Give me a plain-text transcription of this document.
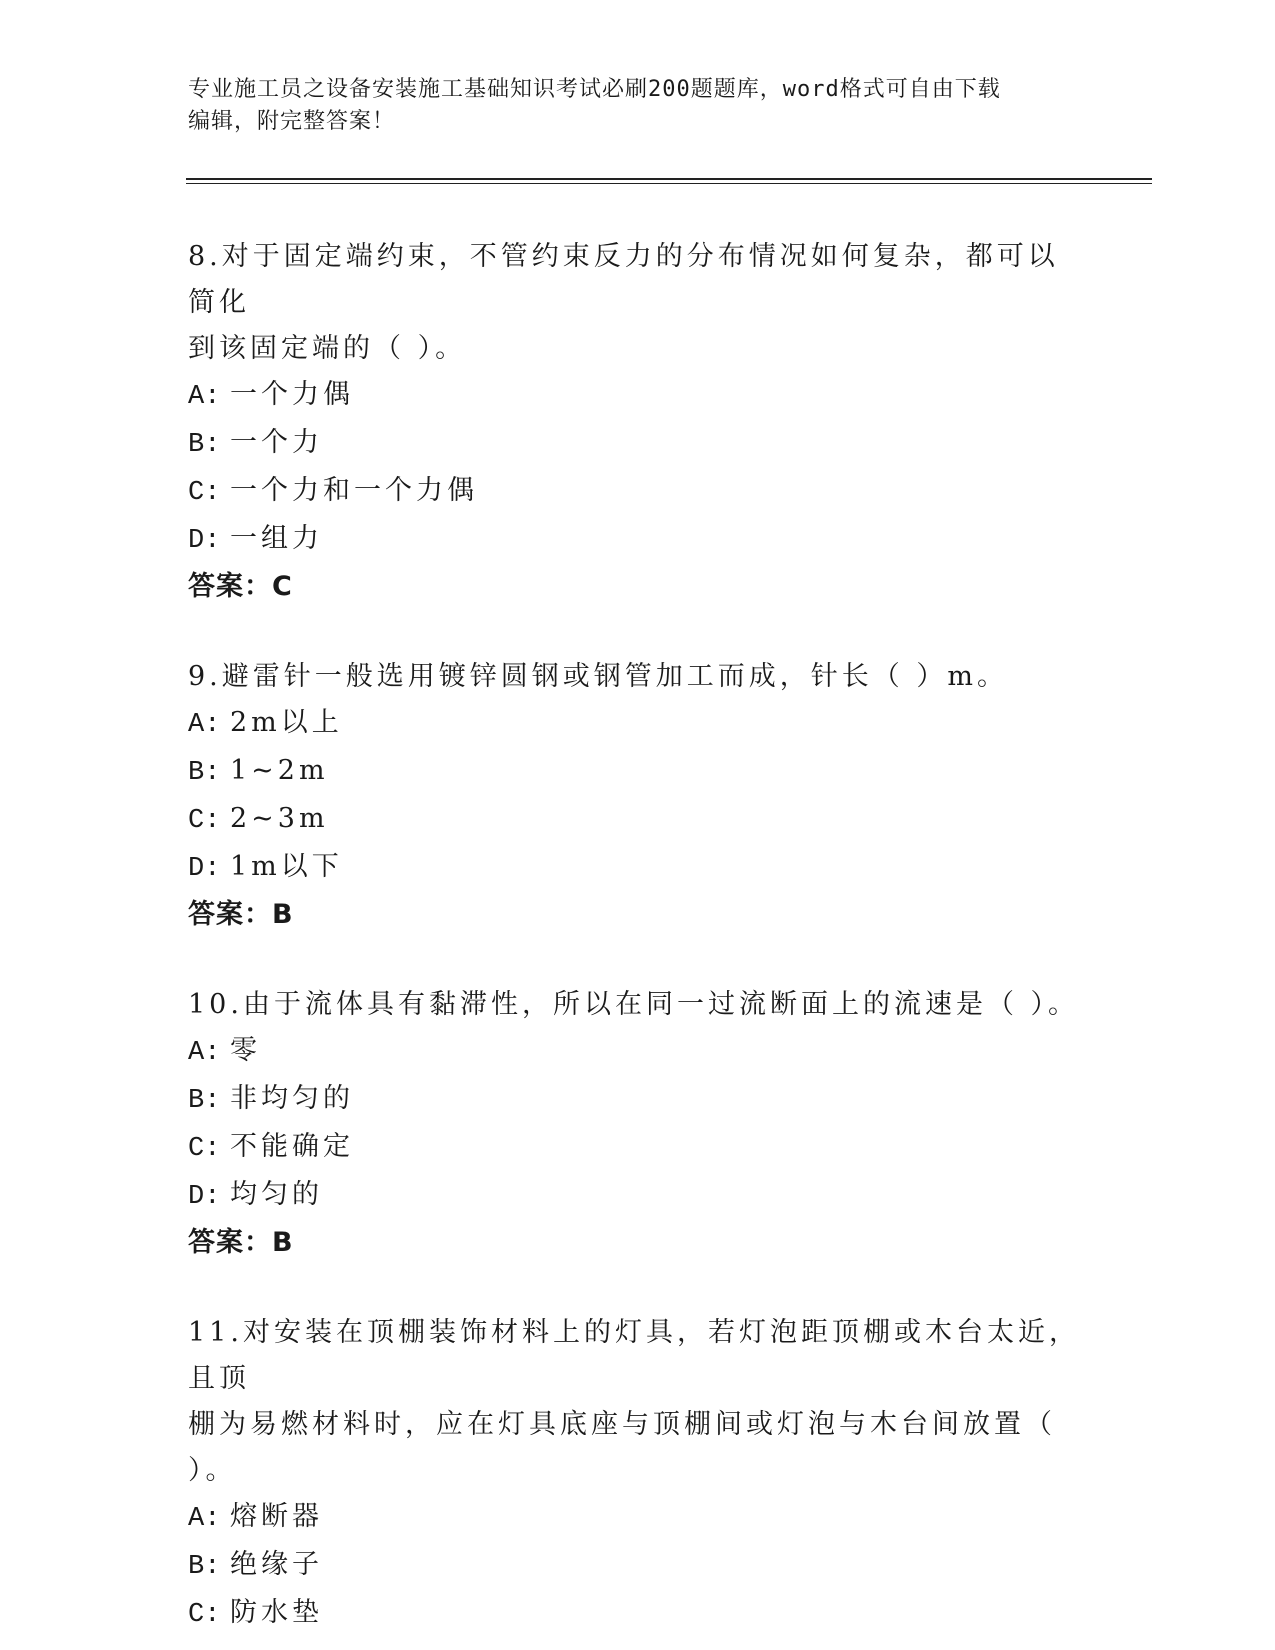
专业施工员之设备安装施工基础知识考试必刷200题题库，word格式可自由下载
编辑，附完整答案！
8.对于固定端约束，不管约束反力的分布情况如何复杂，都可以简化
到该固定端的（ ）。
A: 一个力偶
B: 一个力
C: 一个力和一个力偶
D: 一组力
答案：C
9.避雷针一般选用镀锌圆钢或钢管加工而成，针长（ ）m。
A: 2m以上
B: 1~2m
C: 2~3m
D: 1m以下
答案：B
10.由于流体具有黏滞性，所以在同一过流断面上的流速是（ ）。
A: 零
B: 非均匀的
C: 不能确定
D: 均匀的
答案：B
11.对安装在顶棚装饰材料上的灯具，若灯泡距顶棚或木台太近，且顶
棚为易燃材料时，应在灯具底座与顶棚间或灯泡与木台间放置（ ）。
A: 熔断器
B: 绝缘子
C: 防水垫
